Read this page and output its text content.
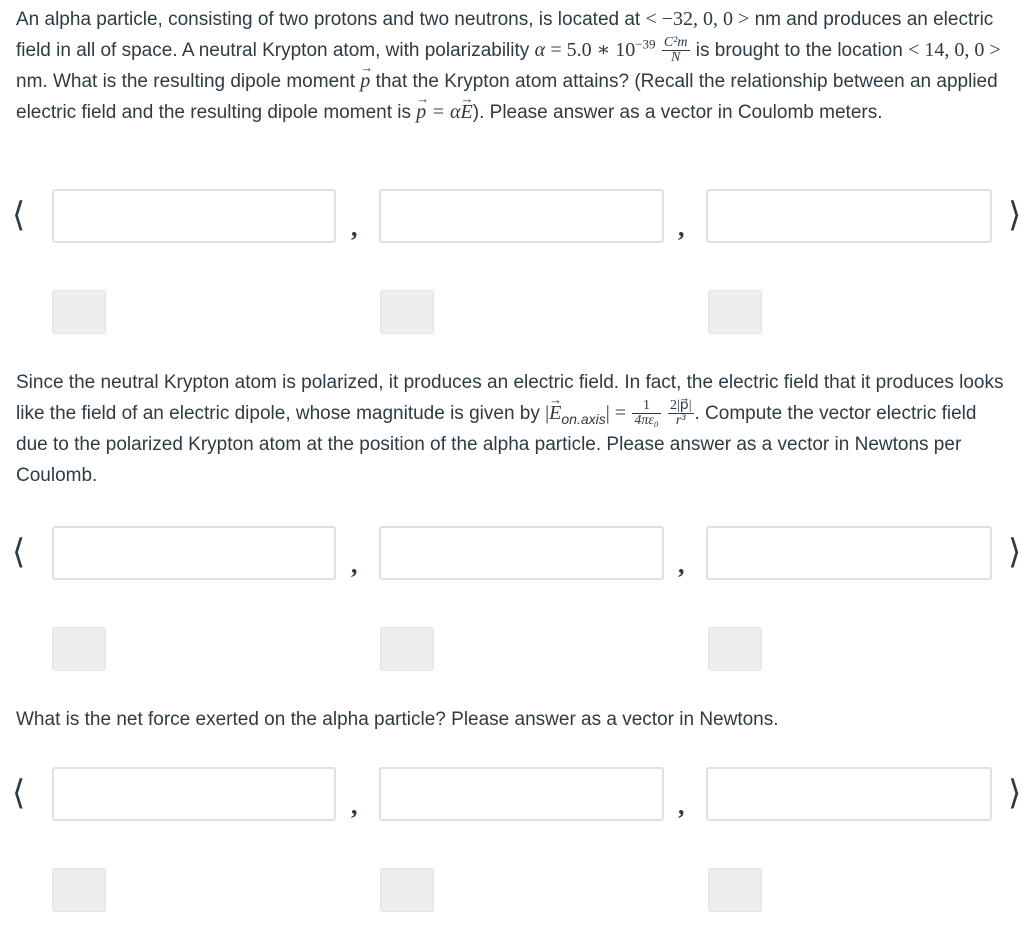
An alpha particle, consisting of two protons and two neutrons, is located at < −32, 0, 0 > nm and produces an electric field in all of space. A neutral Krypton atom, with polarizability α = 5.0 ∗ $10^{-39} \frac{\text{C²m}}{N}$ is brought to the location < 14, 0, 0 > nm. What is the resulting dipole moment → p that the Krypton atom attains? (Recall the relationship between an applied electric field and the resulting dipole moment is → p = α→ E). Please answer as a vector in Coulomb meters.
⟨	,	,	⟩
Since the neutral Krypton atom is polarized, it produces an electric field. In fact, the electric field that it produces looks like the field of an electric dipole, whose magnitude is given by |→ $E_{on.axis}| = \frac{1}{\text{4πε₀}}$
$\frac{2|p⃗|}{\text{r³}}$ . Compute the vector electric field due to the polarized Krypton atom at the position of the alpha particle. Please answer as a vector in Newtons per Coulomb.
⟨	,	,	⟩
What is the net force exerted on the alpha particle? Please answer as a vector in Newtons.
⟨	,	,	⟩
